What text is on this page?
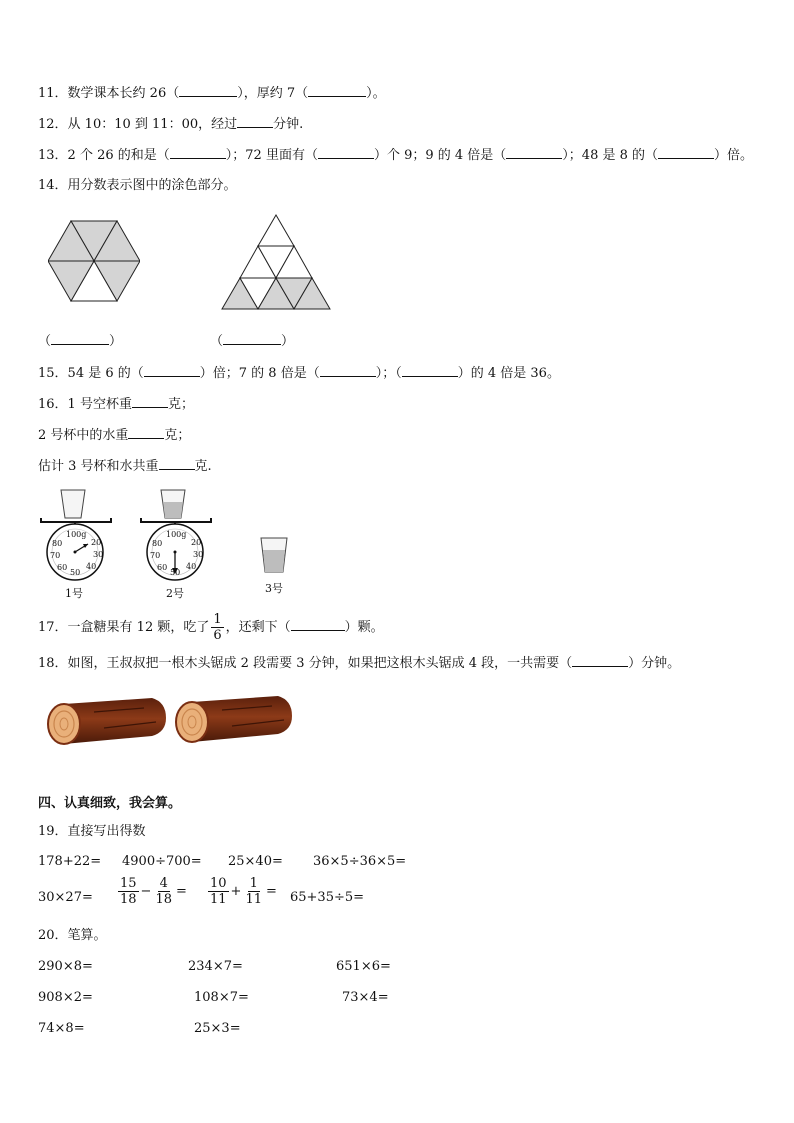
11．数学课本长约 26（	），厚约 7（	）。
12．从 10：10 到 11：00，经过	分钟.
13．2 个 26 的和是（	）；72 里面有（	）个 9；9 的 4 倍是（	）；48 是 8 的（	）倍。
14．用分数表示图中的涂色部分。
（	）	（	）
15．54 是 6 的（	）倍；7 的 8 倍是（	）；（	）的 4 倍是 36。
16．1 号空杯重	克；
2 号杯中的水重	克；
估计 3 号杯和水共重	克.
100g
20
30
40
50
60
70
80
1号
100g
20
30
40
50
60
70
80
2号	3号
17．一盒糖果有 12 颗，吃了 $\frac{1}{6}$ ，还剩下（	）颗。
18．如图，王叔叔把一根木头锯成 2 段需要 3 分钟，如果把这根木头锯成 4 段，一共需要（	）分钟。
四、认真细致，我会算。
19．直接写出得数
178+22= 4900÷700= 25×40= 36×5÷36×5=
$30\times 27= \frac{15}{18} - \frac{4}{18} = \frac{10}{11} + \frac{1}{11} = 65+35\div 5=$
20．笔算。
290×8=	234×7=	651×6=
908×2=	108×7=	73×4=
74×8=	25×3=
